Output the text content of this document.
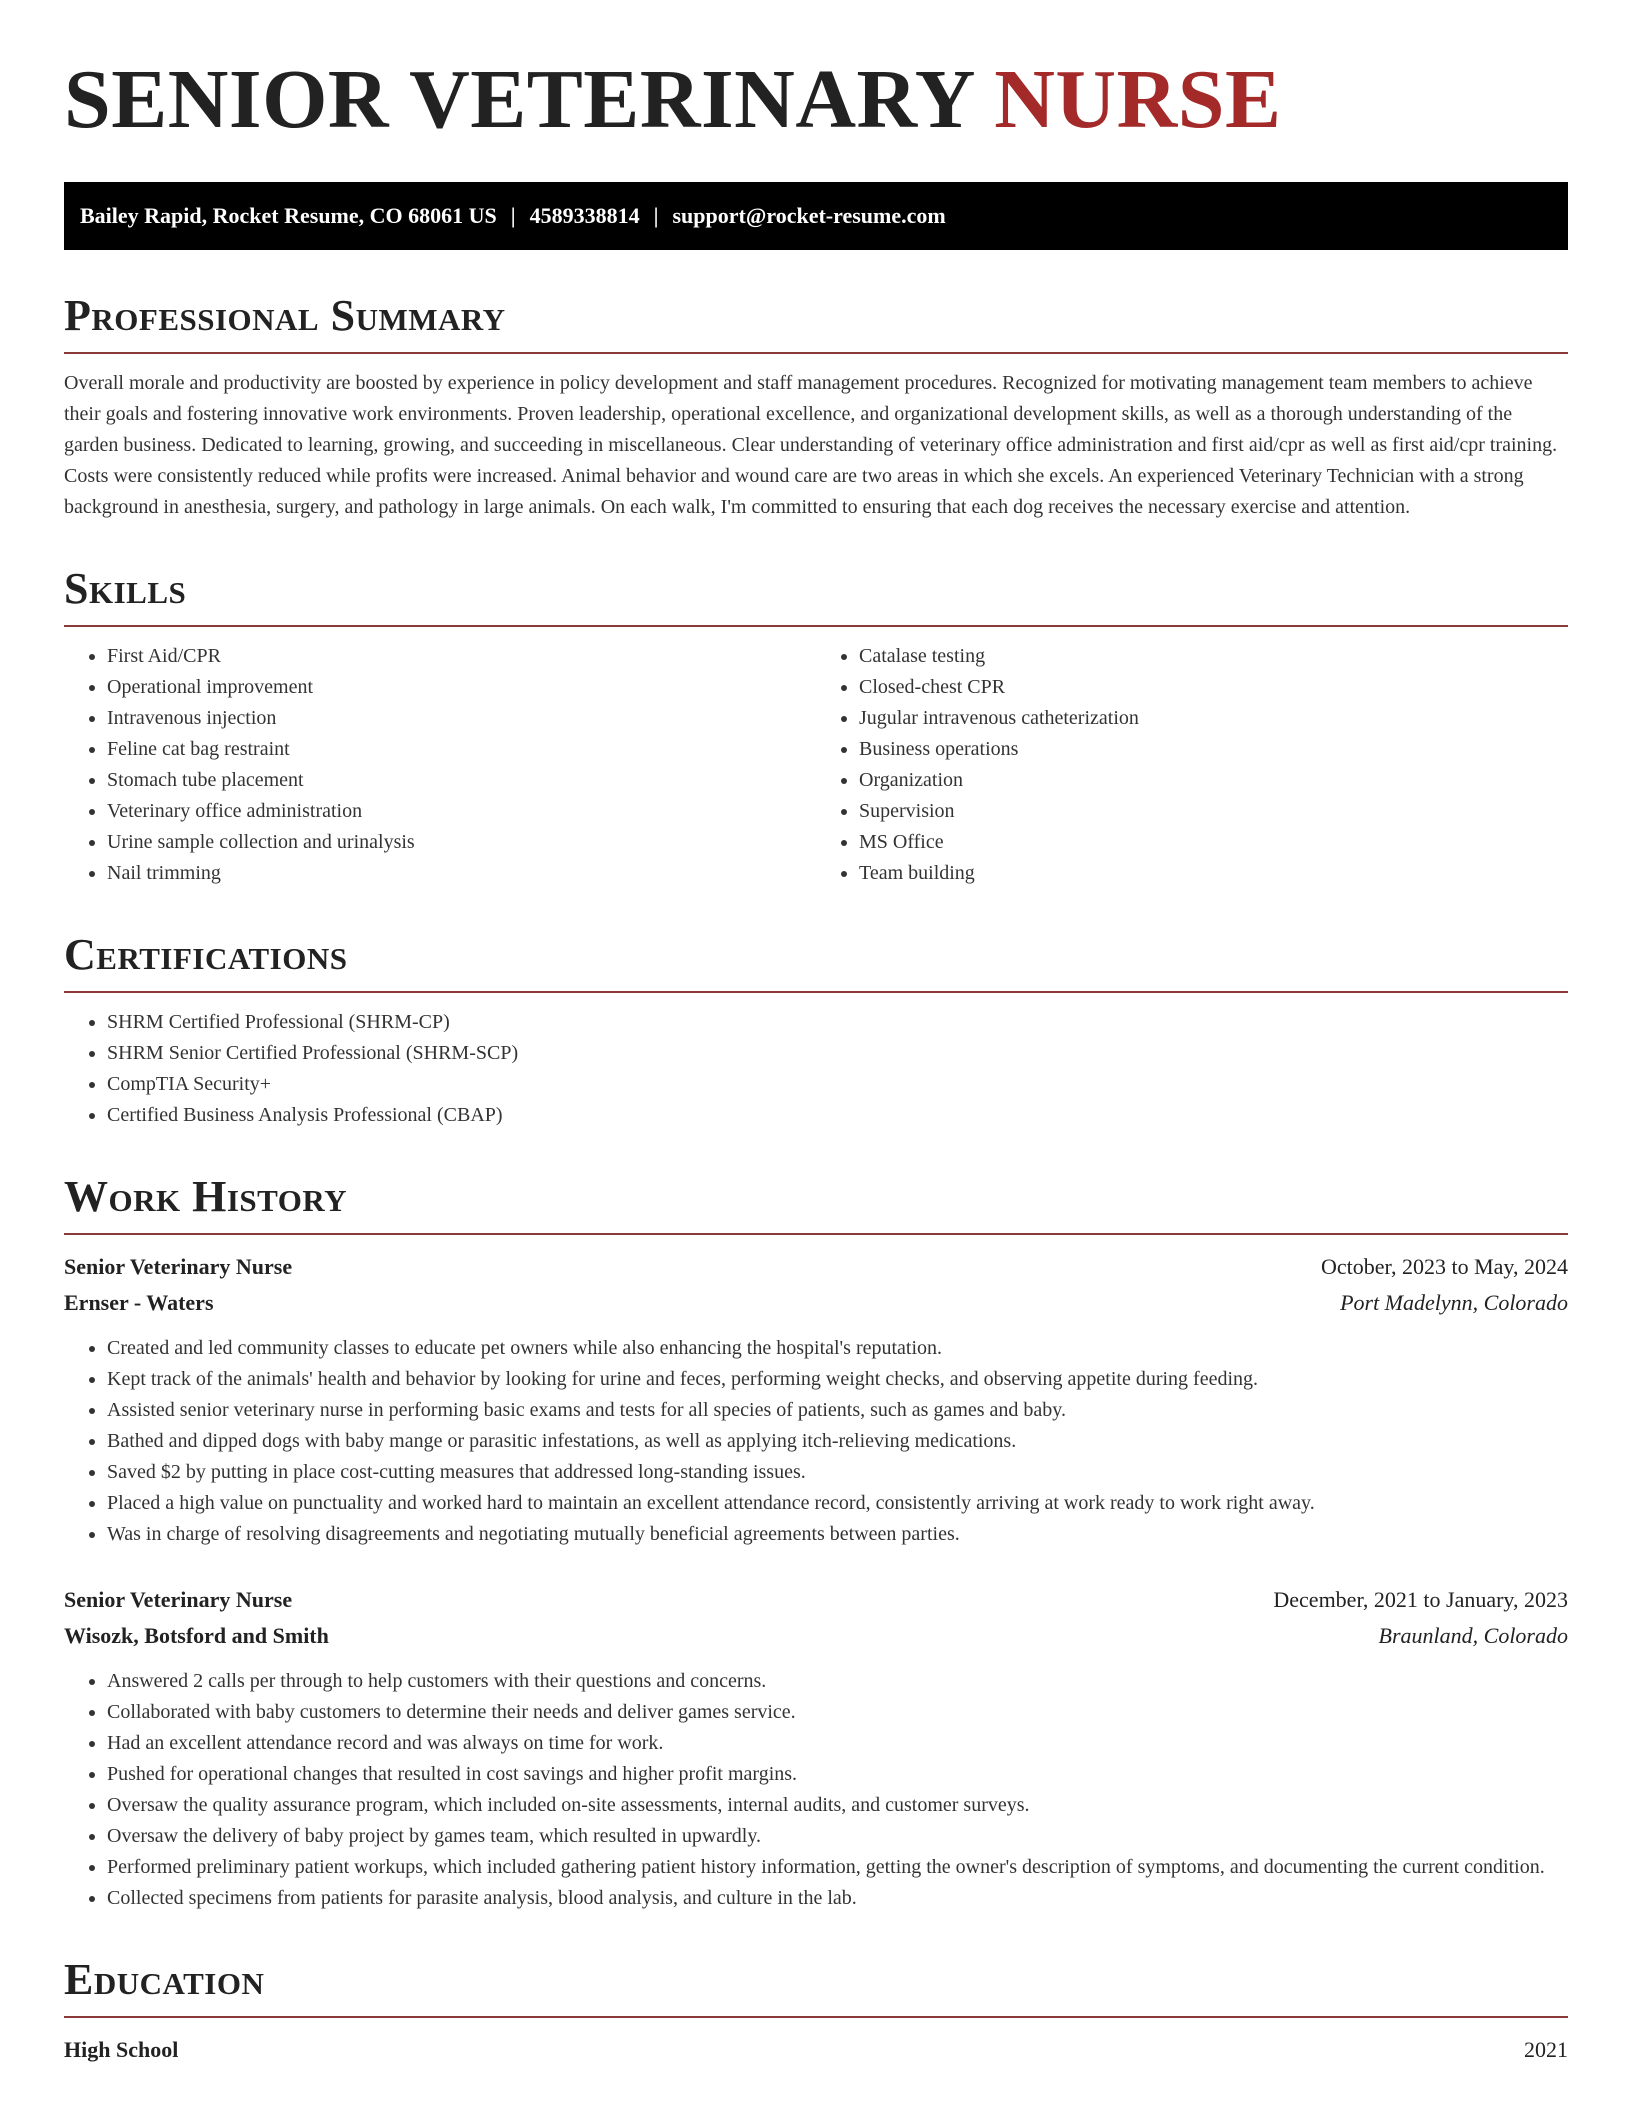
SENIOR VETERINARY NURSE
Bailey Rapid, Rocket Resume, CO 68061 US | 4589338814 | support@rocket-resume.com
Professional Summary

Overall morale and productivity are boosted by experience in policy development and staff management procedures. Recognized for motivating management team members to achieve their goals and fostering innovative work environments. Proven leadership, operational excellence, and organizational development skills, as well as a thorough understanding of the garden business. Dedicated to learning, growing, and succeeding in miscellaneous. Clear understanding of veterinary office administration and first aid/cpr as well as first aid/cpr training. Costs were consistently reduced while profits were increased. Animal behavior and wound care are two areas in which she excels. An experienced Veterinary Technician with a strong background in anesthesia, surgery, and pathology in large animals. On each walk, I'm committed to ensuring that each dog receives the necessary exercise and attention.

Skills
• First Aid/CPR
• Operational improvement
• Intravenous injection
• Feline cat bag restraint
• Stomach tube placement
• Veterinary office administration
• Urine sample collection and urinalysis
• Nail trimming
• Catalase testing
• Closed-chest CPR
• Jugular intravenous catheterization
• Business operations
• Organization
• Supervision
• MS Office
• Team building
Certifications
• SHRM Certified Professional (SHRM-CP)
• SHRM Senior Certified Professional (SHRM-SCP)
• CompTIA Security+
• Certified Business Analysis Professional (CBAP)
Work History
Senior Veterinary Nurse	October, 2023 to May, 2024
Ernser - Waters	Port Madelynn, Colorado
• Created and led community classes to educate pet owners while also enhancing the hospital's reputation.
• Kept track of the animals' health and behavior by looking for urine and feces, performing weight checks, and observing appetite during feeding.
• Assisted senior veterinary nurse in performing basic exams and tests for all species of patients, such as games and baby.
• Bathed and dipped dogs with baby mange or parasitic infestations, as well as applying itch-relieving medications.
• Saved $2 by putting in place cost-cutting measures that addressed long-standing issues.
• Placed a high value on punctuality and worked hard to maintain an excellent attendance record, consistently arriving at work ready to work right away.
• Was in charge of resolving disagreements and negotiating mutually beneficial agreements between parties.
Senior Veterinary Nurse	December, 2021 to January, 2023
Wisozk, Botsford and Smith	Braunland, Colorado
• Answered 2 calls per through to help customers with their questions and concerns.
• Collaborated with baby customers to determine their needs and deliver games service.
• Had an excellent attendance record and was always on time for work.
• Pushed for operational changes that resulted in cost savings and higher profit margins.
• Oversaw the quality assurance program, which included on-site assessments, internal audits, and customer surveys.
• Oversaw the delivery of baby project by games team, which resulted in upwardly.
• Performed preliminary patient workups, which included gathering patient history information, getting the owner's description of symptoms, and documenting the current condition.
• Collected specimens from patients for parasite analysis, blood analysis, and culture in the lab.
Education
High School	2021
